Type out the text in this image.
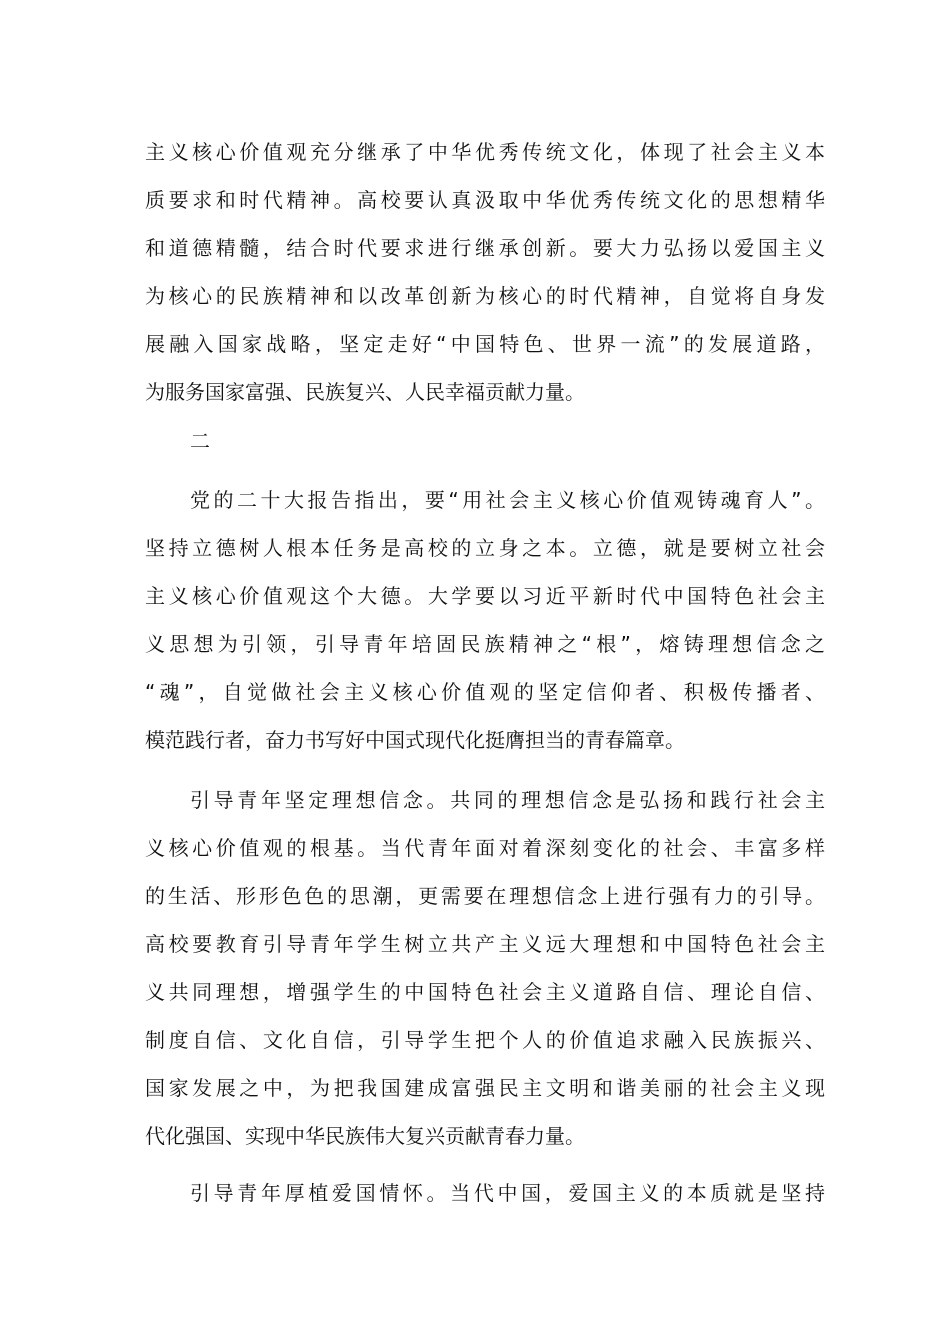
主义核心价值观充分继承了中华优秀传统文化，体现了社会主义本
质要求和时代精神。高校要认真汲取中华优秀传统文化的思想精华
和道德精髓，结合时代要求进行继承创新。要大力弘扬以爱国主义
为核心的民族精神和以改革创新为核心的时代精神，自觉将自身发
展融入国家战略，坚定走好“中国特色、世界一流”的发展道路，
为服务国家富强、民族复兴、人民幸福贡献力量。
二
党的二十大报告指出，要“用社会主义核心价值观铸魂育人”。
坚持立德树人根本任务是高校的立身之本。立德，就是要树立社会
主义核心价值观这个大德。大学要以习近平新时代中国特色社会主
义思想为引领，引导青年培固民族精神之“根”，熔铸理想信念之
“魂”，自觉做社会主义核心价值观的坚定信仰者、积极传播者、
模范践行者，奋力书写好中国式现代化挺膺担当的青春篇章。
引导青年坚定理想信念。共同的理想信念是弘扬和践行社会主
义核心价值观的根基。当代青年面对着深刻变化的社会、丰富多样
的生活、形形色色的思潮，更需要在理想信念上进行强有力的引导。
高校要教育引导青年学生树立共产主义远大理想和中国特色社会主
义共同理想，增强学生的中国特色社会主义道路自信、理论自信、
制度自信、文化自信，引导学生把个人的价值追求融入民族振兴、
国家发展之中，为把我国建成富强民主文明和谐美丽的社会主义现
代化强国、实现中华民族伟大复兴贡献青春力量。
引导青年厚植爱国情怀。当代中国，爱国主义的本质就是坚持
